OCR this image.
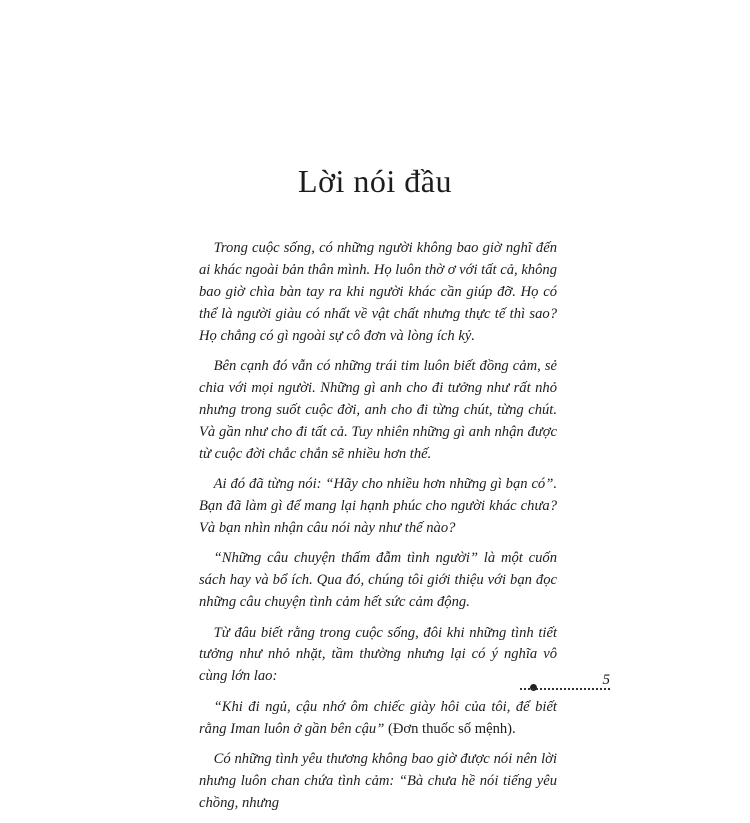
Lời nói đầu

 Trong cuộc sống, có những người không bao giờ nghĩ đến ai khác ngoài bản thân mình. Họ luôn thờ ơ với tất cả, không bao giờ chìa bàn tay ra khi người khác cần giúp đỡ. Họ có thể là người giàu có nhất về vật chất nhưng thực tế thì sao? Họ chẳng có gì ngoài sự cô đơn và lòng ích kỷ.

 Bên cạnh đó vẫn có những trái tim luôn biết đồng cảm, sẻ chia với mọi người. Những gì anh cho đi tưởng như rất nhỏ nhưng trong suốt cuộc đời, anh cho đi từng chút, từng chút. Và gần như cho đi tất cả. Tuy nhiên những gì anh nhận được từ cuộc đời chắc chắn sẽ nhiều hơn thế.

 Ai đó đã từng nói: “Hãy cho nhiều hơn những gì bạn có”. Bạn đã làm gì để mang lại hạnh phúc cho người khác chưa? Và bạn nhìn nhận câu nói này như thế nào?

 “Những câu chuyện thấm đẫm tình người” là một cuốn sách hay và bổ ích. Qua đó, chúng tôi giới thiệu với bạn đọc những câu chuyện tình cảm hết sức cảm động.

 Từ đâu biết rằng trong cuộc sống, đôi khi những tình tiết tưởng như nhỏ nhặt, tầm thường nhưng lại có ý nghĩa vô cùng lớn lao:

 “Khi đi ngủ, cậu nhớ ôm chiếc giày hôi của tôi, để biết rằng Iman luôn ở gần bên cậu” (Đơn thuốc số mệnh).

 Có những tình yêu thương không bao giờ được nói nên lời nhưng luôn chan chứa tình cảm: “Bà chưa hề nói tiếng yêu chồng, nhưng

5
